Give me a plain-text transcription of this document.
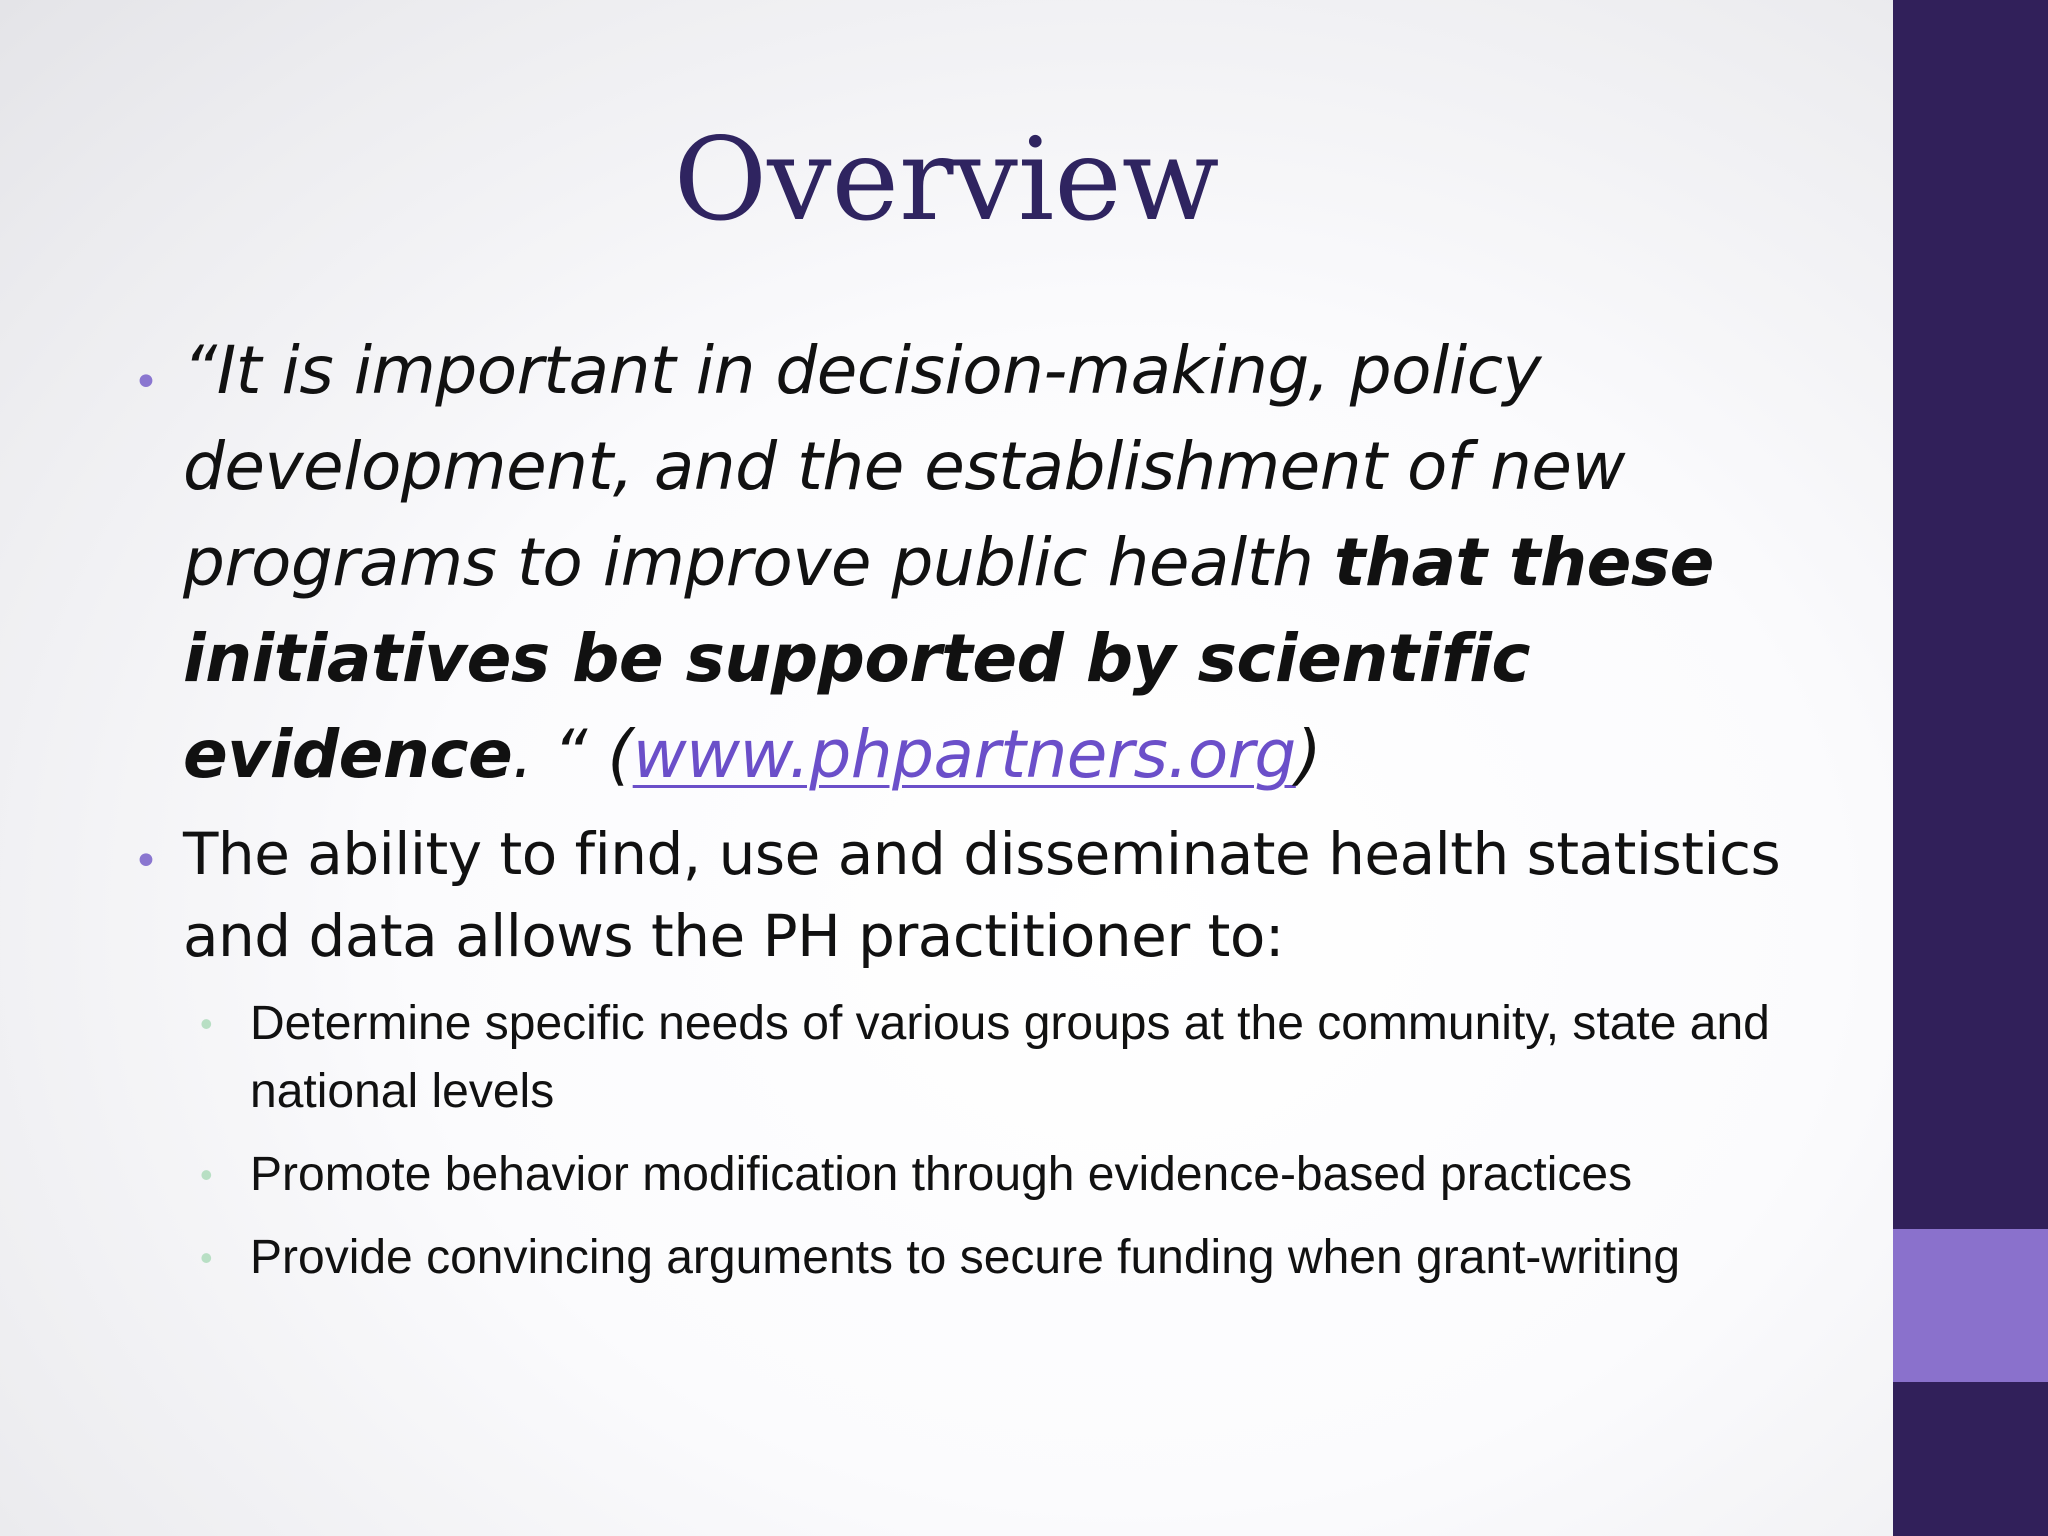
Overview

• “It is important in decision-making, policy development, and the establishment of new programs to improve public health that these initiatives be supported by scientific evidence. “ (www.phpartners.org)

• The ability to find, use and disseminate health statistics and data allows the PH practitioner to:

• Determine specific needs of various groups at the community, state and national levels

• Promote behavior modification through evidence-based practices

• Provide convincing arguments to secure funding when grant-writing
